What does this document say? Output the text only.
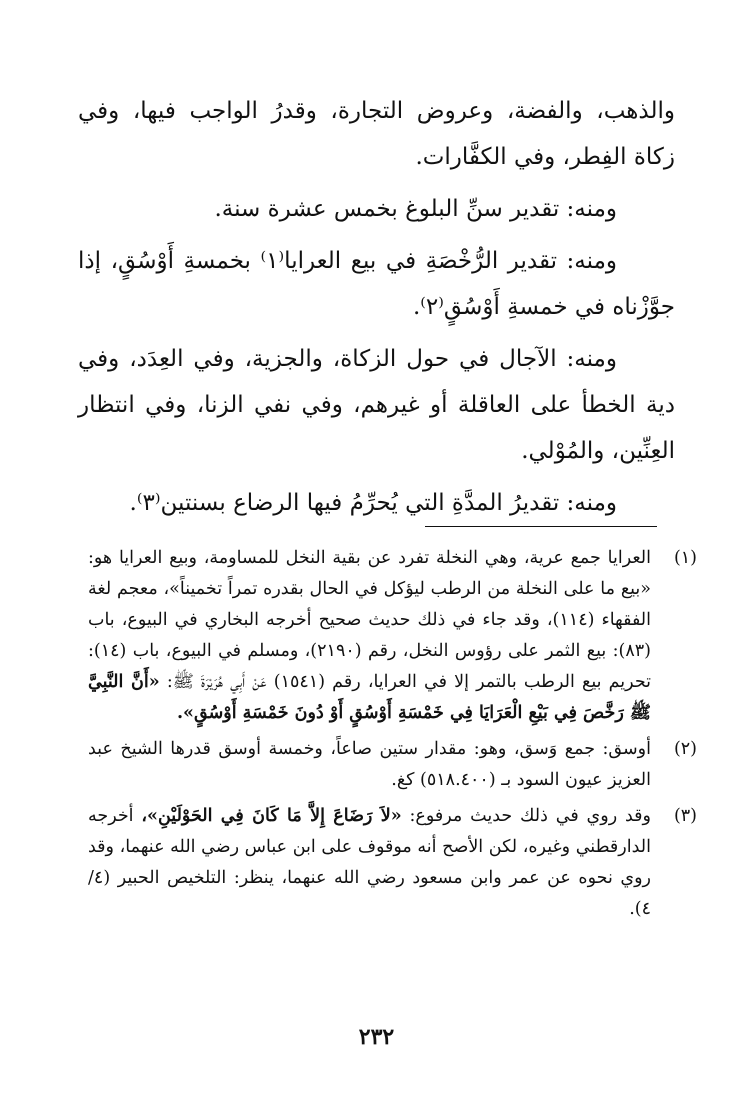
والذهب، والفضة، وعروض التجارة، وقدرُ الواجب فيها، وفي زكاة الفِطر، وفي الكفَّارات.

ومنه: تقدير سنِّ البلوغ بخمس عشرة سنة.

ومنه: تقدير الرُّخْصَةِ في بيع العرايا⁽١⁾ بخمسةِ أَوْسُقٍ، إذا جوَّزْناه في خمسةِ أَوْسُقٍ⁽٢⁾.

ومنه: الآجال في حول الزكاة، والجزية، وفي العِدَد، وفي دية الخطأ على العاقلة أو غيرهم، وفي نفي الزنا، وفي انتظار العِنِّين، والمُوْلي.

ومنه: تقديرُ المدَّةِ التي يُحرِّمُ فيها الرضاع بسنتين⁽٣⁾.

(١)
العرايا جمع عرية، وهي النخلة تفرد عن بقية النخل للمساومة، وبيع العرايا هو: «بيع ما على النخلة من الرطب ليؤكل في الحال بقدره تمراً تخميناً»، معجم لغة الفقهاء (١١٤)، وقد جاء في ذلك حديث صحيح أخرجه البخاري في البيوع، باب (٨٣): بيع الثمر على رؤوس النخل، رقم (٢١٩٠)، ومسلم في البيوع، باب (١٤): تحريم بيع الرطب بالتمر إلا في العرايا، رقم (١٥٤١) عَنْ أَبِي هُرَيْرَةَ ﷺ: «أَنَّ النَّبِيَّ ﷺ رَخَّصَ فِي بَيْعِ الْعَرَايَا فِي خَمْسَةِ أَوْسُقٍ أَوْ دُونَ خَمْسَةِ أَوْسُقٍ».
(٢)
أوسق: جمع وَسق، وهو: مقدار ستين صاعاً، وخمسة أوسق قدرها الشيخ عبد العزيز عيون السود بـ (٥١٨.٤٠٠) كغ.
(٣)
وقد روي في ذلك حديث مرفوع: «لاَ رَضَاعَ إِلاَّ مَا كَانَ فِي الحَوْلَيْنِ»، أخرجه الدارقطني وغيره، لكن الأصح أنه موقوف على ابن عباس رضي الله عنهما، وقد روي نحوه عن عمر وابن مسعود رضي الله عنهما، ينظر: التلخيص الحبير (٤/ ٤).
٢٣٢
